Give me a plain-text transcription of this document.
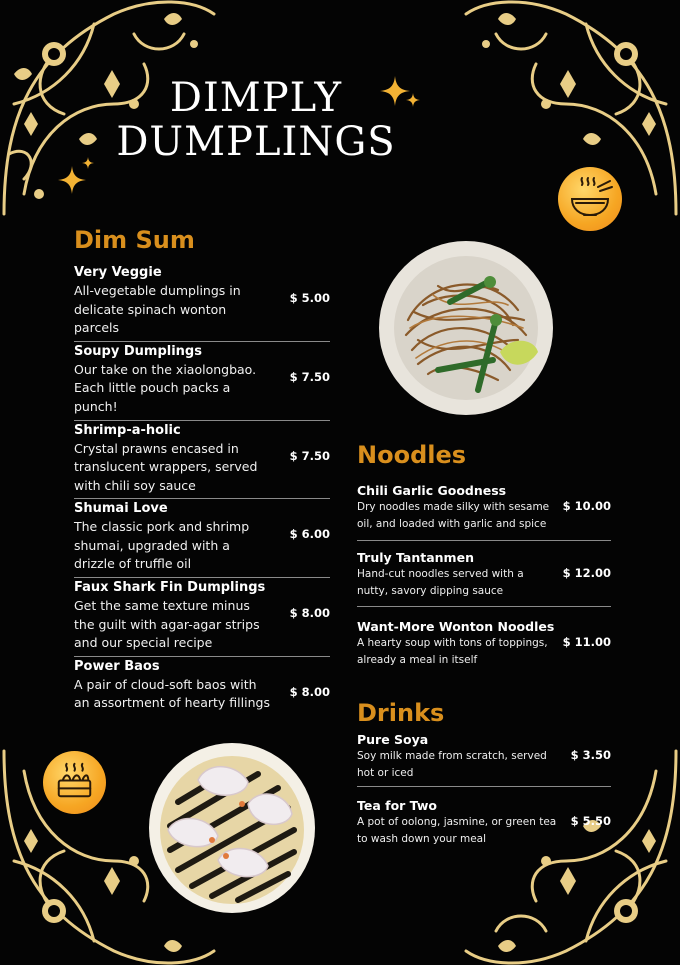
DIMPLY
DUMPLINGS
Dim Sum
Very Veggie
All-vegetable dumplings in delicate spinach wonton parcels
$ 5.00
Soupy Dumplings
Our take on the xiaolongbao. Each little pouch packs a punch!
$ 7.50
Shrimp-a-holic
Crystal prawns encased in translucent wrappers, served with chili soy sauce
$ 7.50
Shumai Love
The classic pork and shrimp shumai, upgraded with a drizzle of truffle oil
$ 6.00
Faux Shark Fin Dumplings
Get the same texture minus the guilt with agar-agar strips and our special recipe
$ 8.00
Power Baos
A pair of cloud-soft baos with an assortment of hearty fillings
$ 8.00
Noodles
Chili Garlic Goodness
Dry noodles made silky with sesame oil, and loaded with garlic and spice
$ 10.00
Truly Tantanmen
Hand-cut noodles served with a nutty, savory dipping sauce
$ 12.00
Want-More Wonton Noodles
A hearty soup with tons of toppings, already a meal in itself
$ 11.00
Drinks
Pure Soya
Soy milk made from scratch, served hot or iced
$ 3.50
Tea for Two
A pot of oolong, jasmine, or green tea to wash down your meal
$ 5.50
